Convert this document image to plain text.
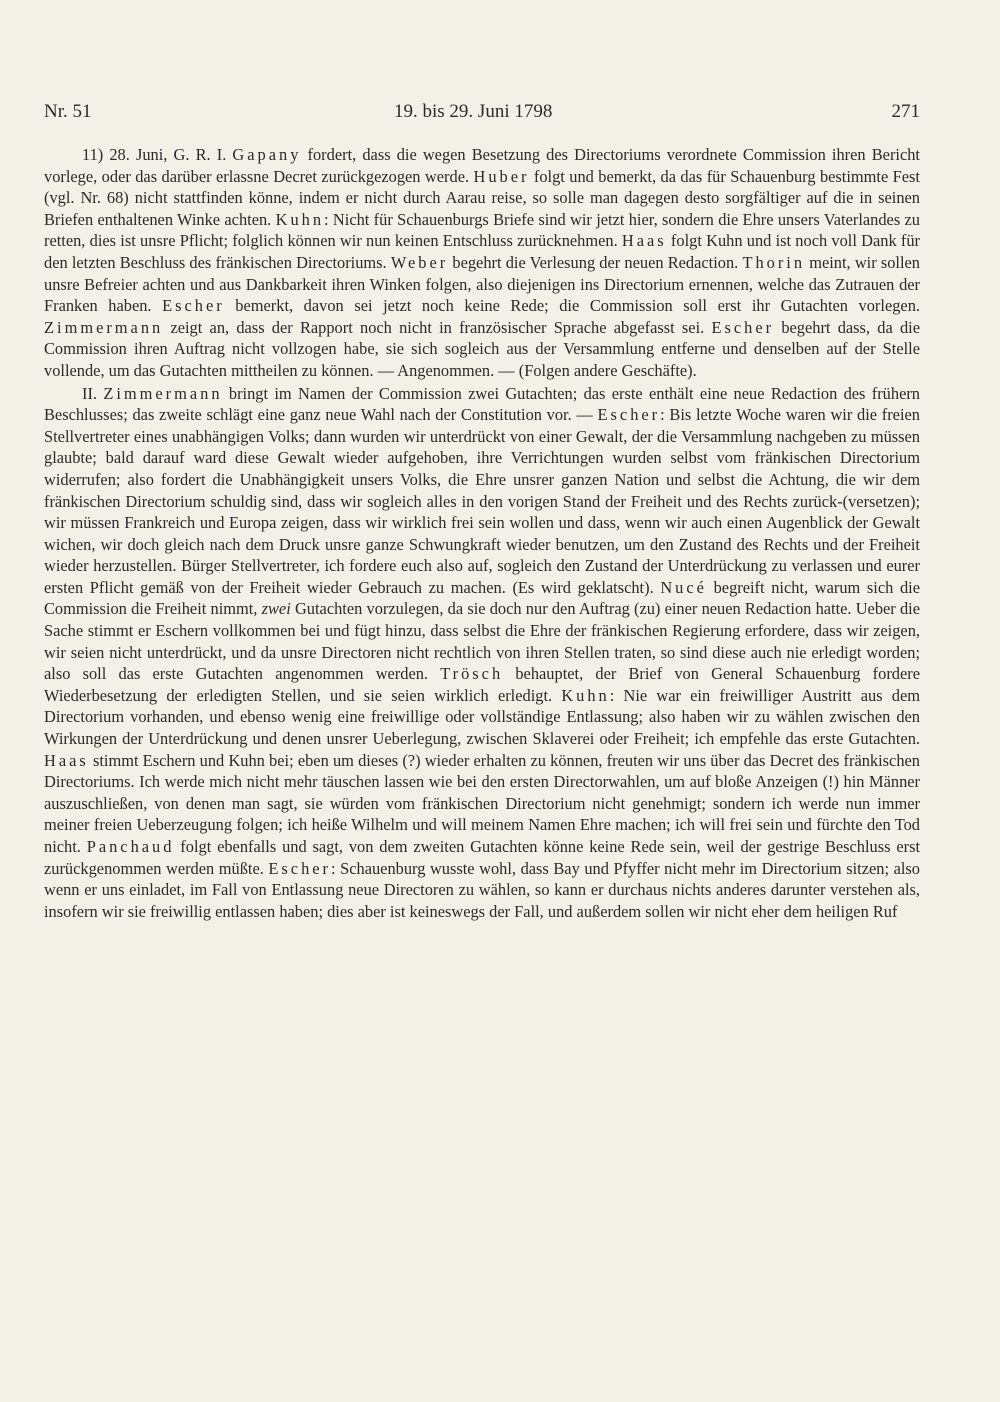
Nr. 51	19. bis 29. Juni 1798	271

11) 28. Juni, G. R. I. Gapany fordert, dass die wegen Besetzung des Directoriums verordnete Commission ihren Bericht vorlege, oder das darüber erlassne Decret zurückgezogen werde. Huber folgt und bemerkt, da das für Schauenburg bestimmte Fest (vgl. Nr. 68) nicht stattfinden könne, indem er nicht durch Aarau reise, so solle man dagegen desto sorgfältiger auf die in seinen Briefen enthaltenen Winke achten. Kuhn: Nicht für Schauenburgs Briefe sind wir jetzt hier, sondern die Ehre unsers Vaterlandes zu retten, dies ist unsre Pflicht; folglich können wir nun keinen Entschluss zurücknehmen. Haas folgt Kuhn und ist noch voll Dank für den letzten Beschluss des fränkischen Directoriums. Weber begehrt die Verlesung der neuen Redaction. Thorin meint, wir sollen unsre Befreier achten und aus Dankbarkeit ihren Winken folgen, also diejenigen ins Directorium ernennen, welche das Zutrauen der Franken haben. Escher bemerkt, davon sei jetzt noch keine Rede; die Commission soll erst ihr Gutachten vorlegen. Zimmermann zeigt an, dass der Rapport noch nicht in französischer Sprache abgefasst sei. Escher begehrt dass, da die Commission ihren Auftrag nicht vollzogen habe, sie sich sogleich aus der Versammlung entferne und denselben auf der Stelle vollende, um das Gutachten mittheilen zu können. — Angenommen. — (Folgen andere Geschäfte).

II. Zimmermann bringt im Namen der Commission zwei Gutachten; das erste enthält eine neue Redaction des frühern Beschlusses; das zweite schlägt eine ganz neue Wahl nach der Constitution vor. — Escher: Bis letzte Woche waren wir die freien Stellvertreter eines unabhängigen Volks; dann wurden wir unterdrückt von einer Gewalt, der die Versammlung nachgeben zu müssen glaubte; bald darauf ward diese Gewalt wieder aufgehoben, ihre Verrichtungen wurden selbst vom fränkischen Directorium widerrufen; also fordert die Unabhängigkeit unsers Volks, die Ehre unsrer ganzen Nation und selbst die Achtung, die wir dem fränkischen Directorium schuldig sind, dass wir sogleich alles in den vorigen Stand der Freiheit und des Rechts zurück-(versetzen); wir müssen Frankreich und Europa zeigen, dass wir wirklich frei sein wollen und dass, wenn wir auch einen Augenblick der Gewalt wichen, wir doch gleich nach dem Druck unsre ganze Schwungkraft wieder benutzen, um den Zustand des Rechts und der Freiheit wieder herzustellen. Bürger Stellvertreter, ich fordere euch also auf, sogleich den Zustand der Unterdrückung zu verlassen und eurer ersten Pflicht gemäß von der Freiheit wieder Gebrauch zu machen. (Es wird geklatscht). Nucé begreift nicht, warum sich die Commission die Freiheit nimmt, zwei Gutachten vorzulegen, da sie doch nur den Auftrag (zu) einer neuen Redaction hatte. Ueber die Sache stimmt er Eschern vollkommen bei und fügt hinzu, dass selbst die Ehre der fränkischen Regierung erfordere, dass wir zeigen, wir seien nicht unterdrückt, und da unsre Directoren nicht rechtlich von ihren Stellen traten, so sind diese auch nie erledigt worden; also soll das erste Gutachten angenommen werden. Trösch behauptet, der Brief von General Schauenburg fordere Wiederbesetzung der erledigten Stellen, und sie seien wirklich erledigt. Kuhn: Nie war ein freiwilliger Austritt aus dem Directorium vorhanden, und ebenso wenig eine freiwillige oder vollständige Entlassung; also haben wir zu wählen zwischen den Wirkungen der Unterdrückung und denen unsrer Ueberlegung, zwischen Sklaverei oder Freiheit; ich empfehle das erste Gutachten. Haas stimmt Eschern und Kuhn bei; eben um dieses (?) wieder erhalten zu können, freuten wir uns über das Decret des fränkischen Directoriums. Ich werde mich nicht mehr täuschen lassen wie bei den ersten Directorwahlen, um auf bloße Anzeigen (!) hin Männer auszuschließen, von denen man sagt, sie würden vom fränkischen Directorium nicht genehmigt; sondern ich werde nun immer meiner freien Ueberzeugung folgen; ich heiße Wilhelm und will meinem Namen Ehre machen; ich will frei sein und fürchte den Tod nicht. Panchaud folgt ebenfalls und sagt, von dem zweiten Gutachten könne keine Rede sein, weil der gestrige Beschluss erst zurückgenommen werden müßte. Escher: Schauenburg wusste wohl, dass Bay und Pfyffer nicht mehr im Directorium sitzen; also wenn er uns einladet, im Fall von Entlassung neue Directoren zu wählen, so kann er durchaus nichts anderes darunter verstehen als, insofern wir sie freiwillig entlassen haben; dies aber ist keineswegs der Fall, und außerdem sollen wir nicht eher dem heiligen Ruf
